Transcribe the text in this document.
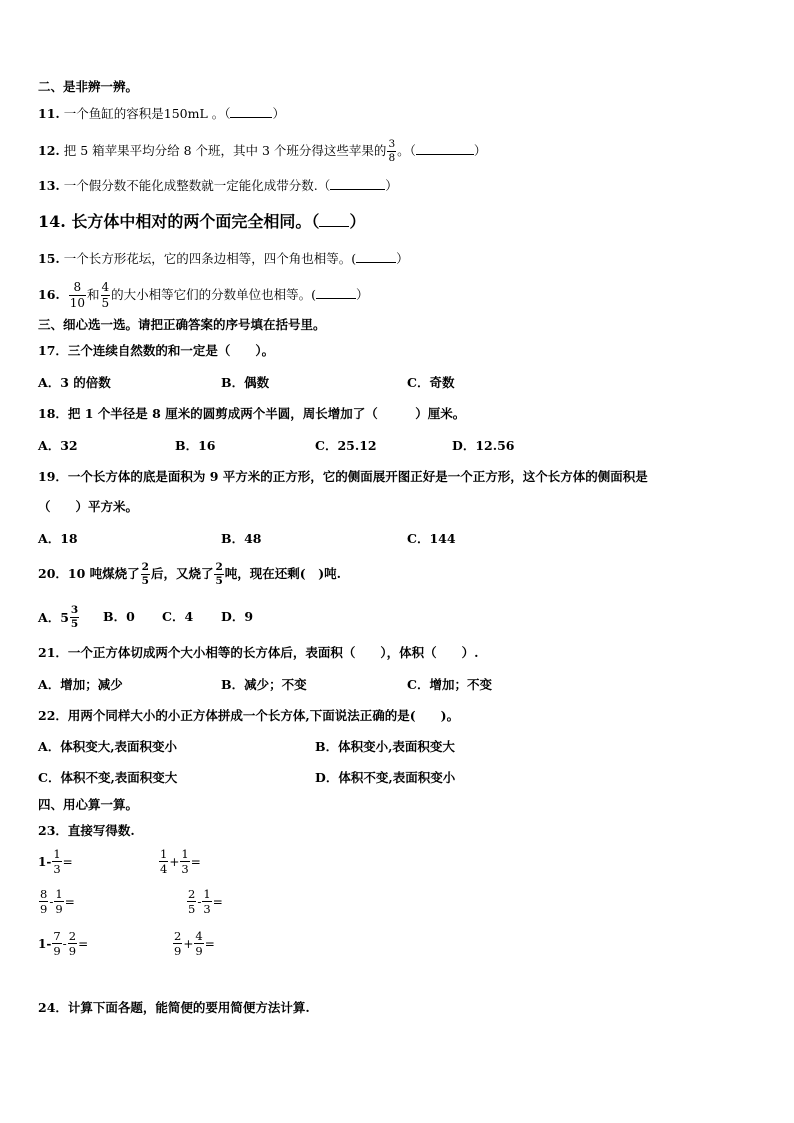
二、是非辨一辨。
11. 一个鱼缸的容积是150mL 。（	）
12. 把 5 箱苹果平均分给 8 个班，其中 3 个班分得这些苹果的 $\frac{3}{8}$ 。（	）
13. 一个假分数不能化成整数就一定能化成带分数.（	）
14. 长方体中相对的两个面完全相同。（ ）
15. 一个长方形花坛，它的四条边相等，四个角也相等。(	）
16. $\frac{8}{10}$ 和 $\frac{4}{5}$ 的大小相等它们的分数单位也相等。(	）
三、细心选一选。请把正确答案的序号填在括号里。
17．三个连续自然数的和一定是（　　）。
A．3 的倍数	B．偶数	C．奇数
18．把 1 个半径是 8 厘米的圆剪成两个半圆，周长增加了（　　　）厘米。
A．32	B．16	C．25.12	D．12.56
19．一个长方体的底是面积为 9 平方米的正方形，它的侧面展开图正好是一个正方形，这个长方体的侧面积是
（　　）平方米。
A．18	B．48	C．144
20．10 吨煤烧了 $\frac{2}{5}$ 后，又烧了 $\frac{2}{5}$ 吨，现在还剩(　)吨.
A．$5 \frac{3}{5}$ B．0 C．4 D．9
21．一个正方体切成两个大小相等的长方体后，表面积（　　），体积（　　）.
A．增加；减少	B．减少；不变	C．增加；不变
22．用两个同样大小的小正方体拼成一个长方体,下面说法正确的是(　　)。
A．体积变大,表面积变小	B．体积变小,表面积变大
C．体积不变,表面积变大	D．体积不变,表面积变小
四、用心算一算。
23．直接写得数.
$1- \frac{1}{3}$ =	$\frac{1}{4} + \frac{1}{3}$ =
$\frac{8}{9} - \frac{1}{9}$ =	$\frac{2}{5} - \frac{1}{3}$ =
$1- \frac{7}{9} - \frac{2}{9}$ =	$\frac{2}{9} + \frac{4}{9}$ =
24．计算下面各题，能简便的要用简便方法计算.
